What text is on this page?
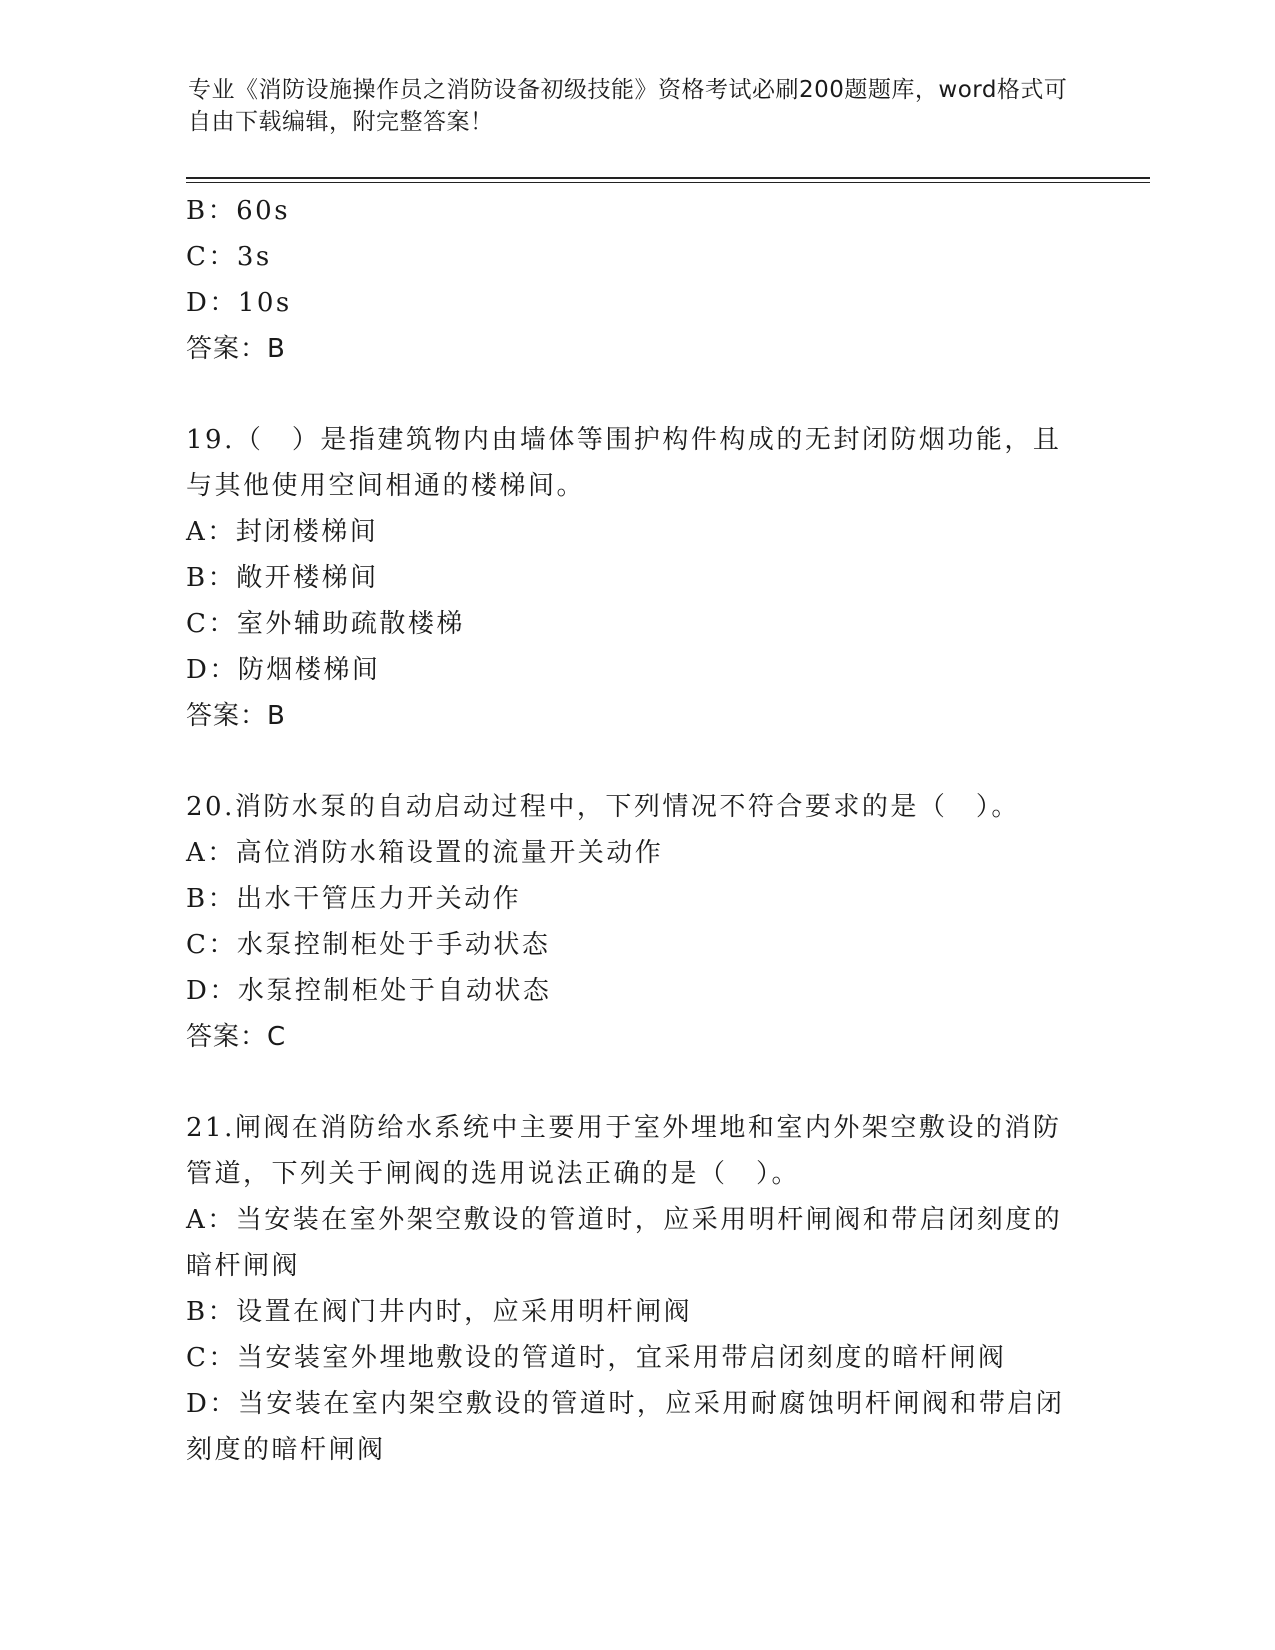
专业《消防设施操作员之消防设备初级技能》资格考试必刷200题题库，word格式可自由下载编辑，附完整答案！
B：60s
C：3s
D：10s
答案：B
19.（　）是指建筑物内由墙体等围护构件构成的无封闭防烟功能，且
与其他使用空间相通的楼梯间。
A：封闭楼梯间
B：敞开楼梯间
C：室外辅助疏散楼梯
D：防烟楼梯间
答案：B
20.消防水泵的自动启动过程中，下列情况不符合要求的是（　）。
A：高位消防水箱设置的流量开关动作
B：出水干管压力开关动作
C：水泵控制柜处于手动状态
D：水泵控制柜处于自动状态
答案：C
21.闸阀在消防给水系统中主要用于室外埋地和室内外架空敷设的消防
管道，下列关于闸阀的选用说法正确的是（　）。
A：当安装在室外架空敷设的管道时，应采用明杆闸阀和带启闭刻度的
暗杆闸阀
B：设置在阀门井内时，应采用明杆闸阀
C：当安装室外埋地敷设的管道时，宜采用带启闭刻度的暗杆闸阀
D：当安装在室内架空敷设的管道时，应采用耐腐蚀明杆闸阀和带启闭
刻度的暗杆闸阀
